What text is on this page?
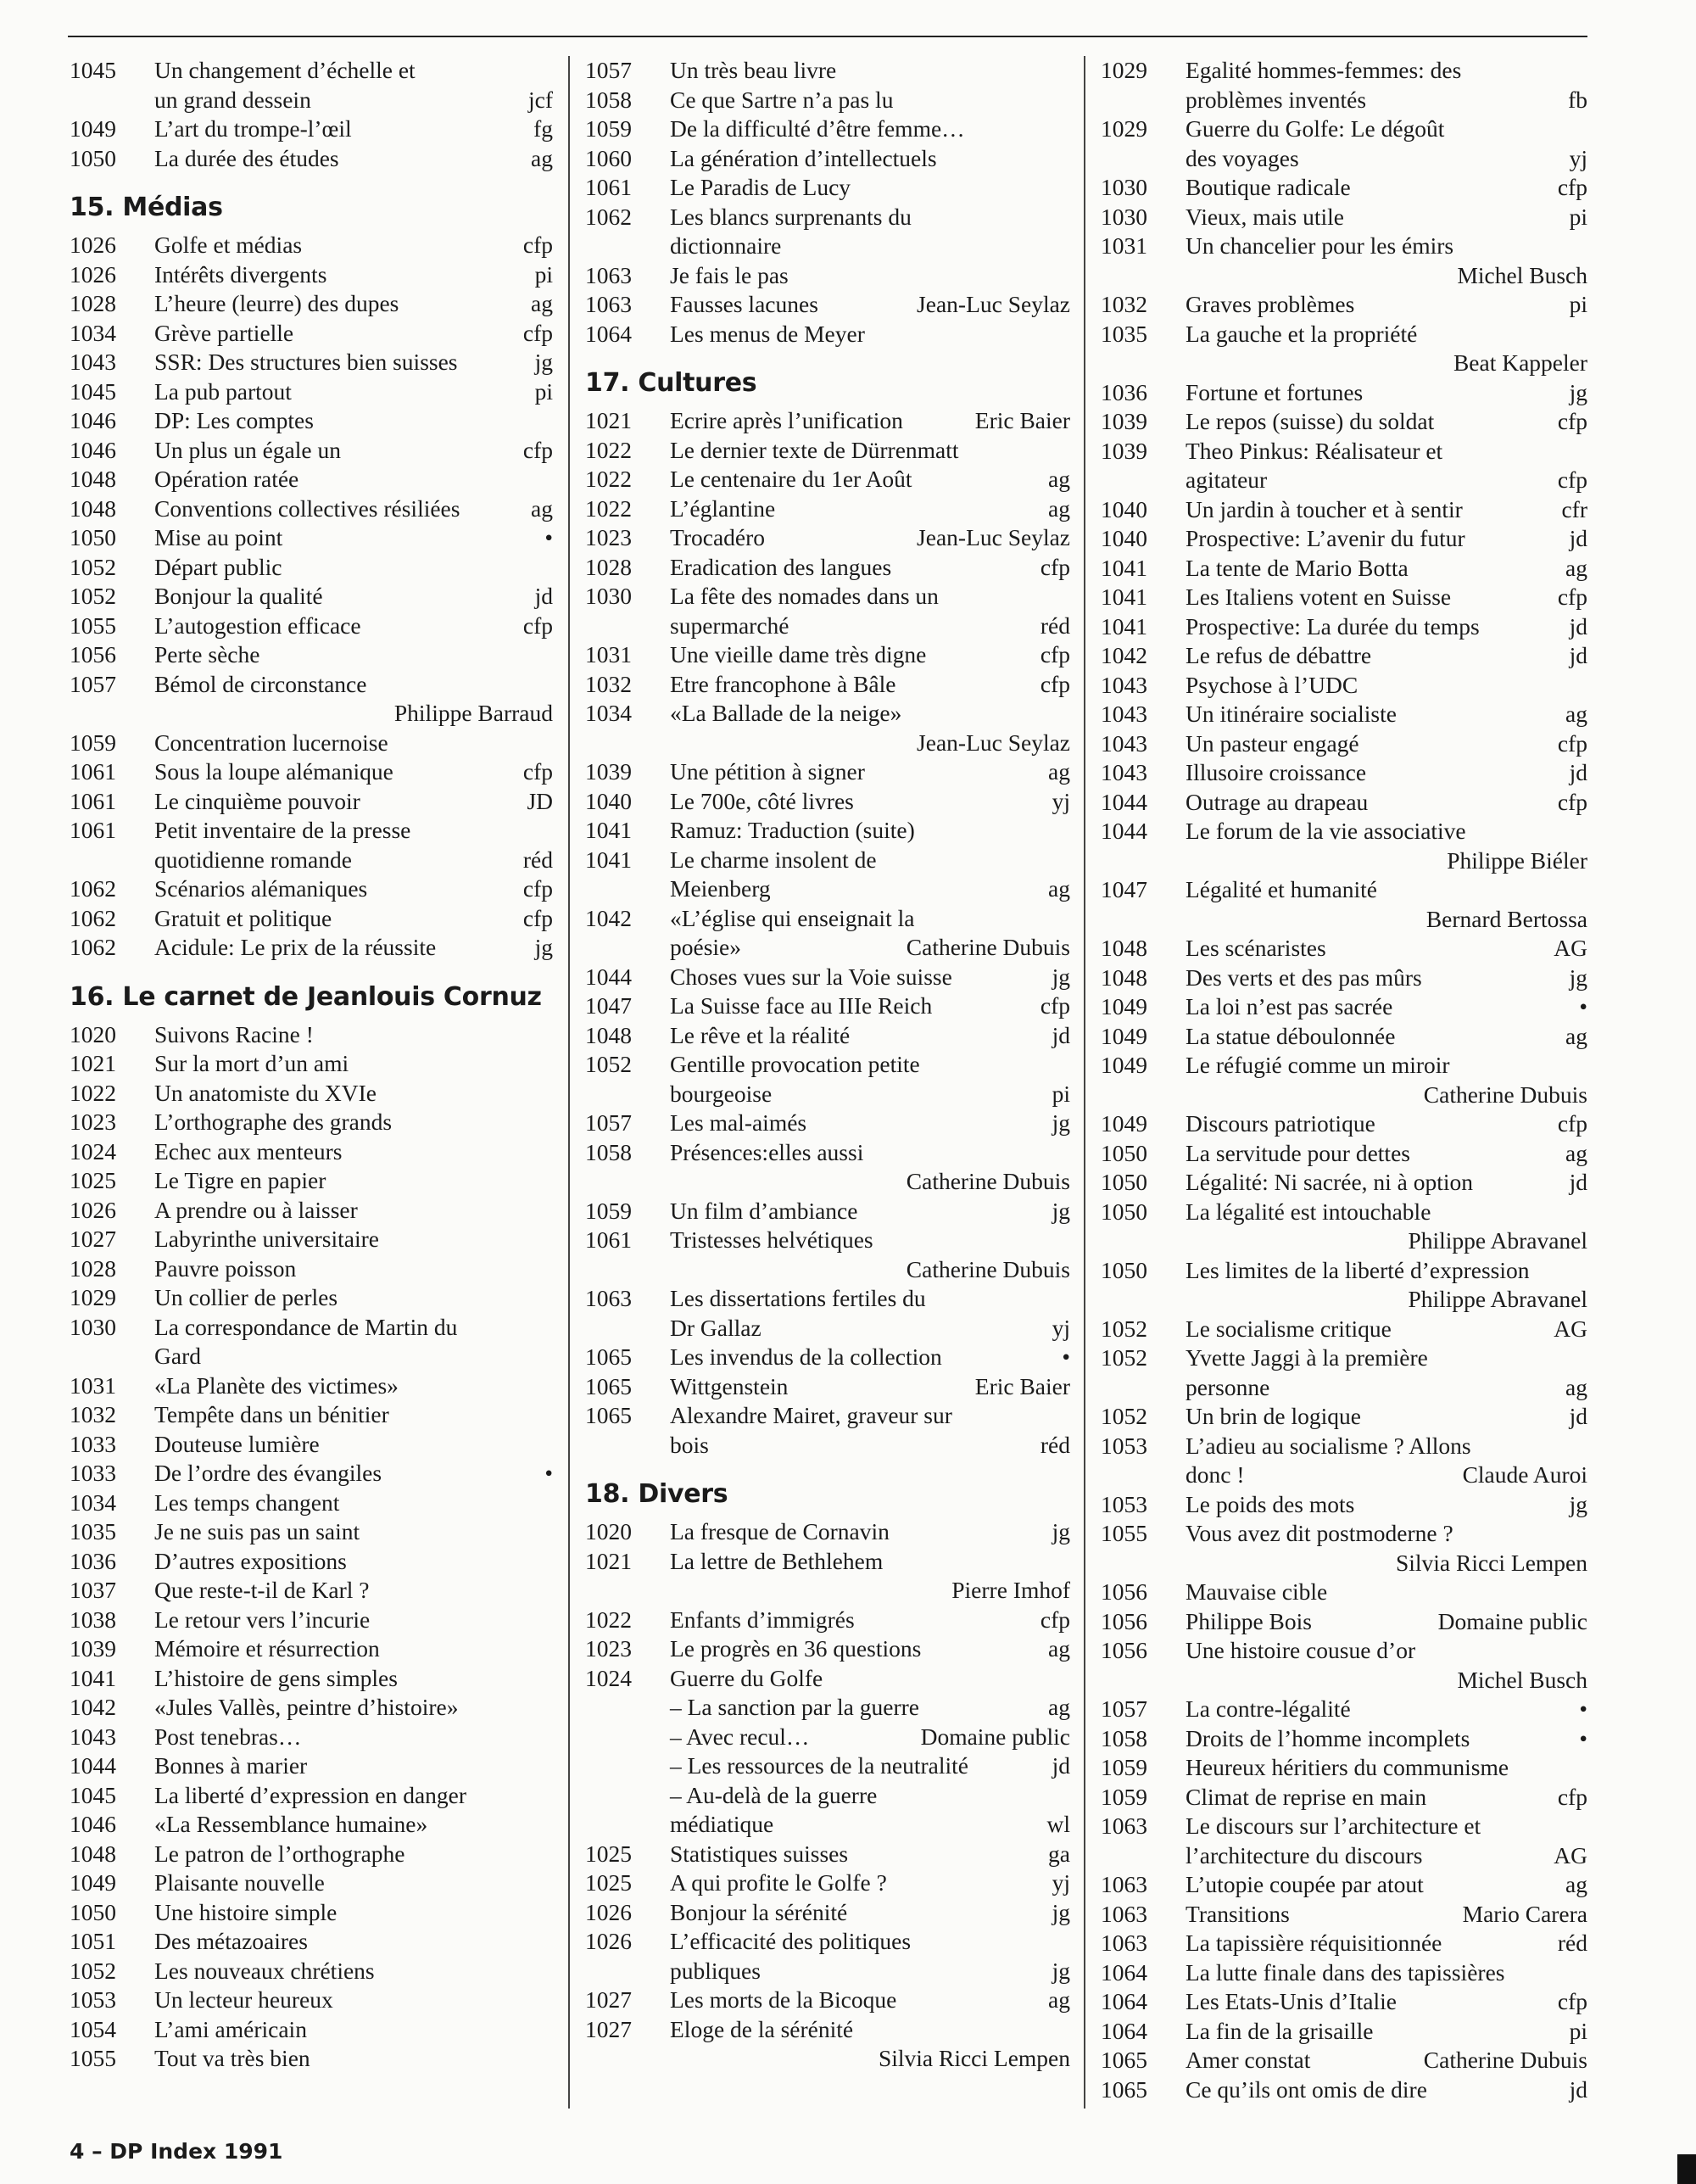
1045	Un changement d’échelle et
un grand dessein	jcf
1049	L’art du trompe-l’œil	fg
1050	La durée des études	ag
15. Médias
1026	Golfe et médias	cfp
1026	Intérêts divergents	pi
1028	L’heure (leurre) des dupes	ag
1034	Grève partielle	cfp
1043	SSR: Des structures bien suisses	jg
1045	La pub partout	pi
1046	DP: Les comptes
1046	Un plus un égale un	cfp
1048	Opération ratée
1048	Conventions collectives résiliées	ag
1050	Mise au point	•
1052	Départ public
1052	Bonjour la qualité	jd
1055	L’autogestion efficace	cfp
1056	Perte sèche
1057	Bémol de circonstance
Philippe Barraud
1059	Concentration lucernoise
1061	Sous la loupe alémanique	cfp
1061	Le cinquième pouvoir	JD
1061	Petit inventaire de la presse
quotidienne romande	réd
1062	Scénarios alémaniques	cfp
1062	Gratuit et politique	cfp
1062	Acidule: Le prix de la réussite	jg
16. Le carnet de Jeanlouis Cornuz
1020	Suivons Racine !
1021	Sur la mort d’un ami
1022	Un anatomiste du XVIe
1023	L’orthographe des grands
1024	Echec aux menteurs
1025	Le Tigre en papier
1026	A prendre ou à laisser
1027	Labyrinthe universitaire
1028	Pauvre poisson
1029	Un collier de perles
1030	La correspondance de Martin du
Gard
1031	«La Planète des victimes»
1032	Tempête dans un bénitier
1033	Douteuse lumière
1033	De l’ordre des évangiles	•
1034	Les temps changent
1035	Je ne suis pas un saint
1036	D’autres expositions
1037	Que reste-t-il de Karl ?
1038	Le retour vers l’incurie
1039	Mémoire et résurrection
1041	L’histoire de gens simples
1042	«Jules Vallès, peintre d’histoire»
1043	Post tenebras…
1044	Bonnes à marier
1045	La liberté d’expression en danger
1046	«La Ressemblance humaine»
1048	Le patron de l’orthographe
1049	Plaisante nouvelle
1050	Une histoire simple
1051	Des métazoaires
1052	Les nouveaux chrétiens
1053	Un lecteur heureux
1054	L’ami américain
1055	Tout va très bien
1057	Un très beau livre
1058	Ce que Sartre n’a pas lu
1059	De la difficulté d’être femme…
1060	La génération d’intellectuels
1061	Le Paradis de Lucy
1062	Les blancs surprenants du
dictionnaire
1063	Je fais le pas
1063	Fausses lacunes	Jean-Luc Seylaz
1064	Les menus de Meyer
17. Cultures
1021	Ecrire après l’unification	Eric Baier
1022	Le dernier texte de Dürrenmatt
1022	Le centenaire du 1er Août	ag
1022	L’églantine	ag
1023	Trocadéro	Jean-Luc Seylaz
1028	Eradication des langues	cfp
1030	La fête des nomades dans un
supermarché	réd
1031	Une vieille dame très digne	cfp
1032	Etre francophone à Bâle	cfp
1034	«La Ballade de la neige»
Jean-Luc Seylaz
1039	Une pétition à signer	ag
1040	Le 700e, côté livres	yj
1041	Ramuz: Traduction (suite)
1041	Le charme insolent de
Meienberg	ag
1042	«L’église qui enseignait la
poésie»	Catherine Dubuis
1044	Choses vues sur la Voie suisse	jg
1047	La Suisse face au IIIe Reich	cfp
1048	Le rêve et la réalité	jd
1052	Gentille provocation petite
bourgeoise	pi
1057	Les mal-aimés	jg
1058	Présences:elles aussi
Catherine Dubuis
1059	Un film d’ambiance	jg
1061	Tristesses helvétiques
Catherine Dubuis
1063	Les dissertations fertiles du
Dr Gallaz	yj
1065	Les invendus de la collection	•
1065	Wittgenstein	Eric Baier
1065	Alexandre Mairet, graveur sur
bois	réd
18. Divers
1020	La fresque de Cornavin	jg
1021	La lettre de Bethlehem
Pierre Imhof
1022	Enfants d’immigrés	cfp
1023	Le progrès en 36 questions	ag
1024	Guerre du Golfe
– La sanction par la guerre	ag
– Avec recul…	Domaine public
– Les ressources de la neutralité	jd
– Au-delà de la guerre
médiatique	wl
1025	Statistiques suisses	ga
1025	A qui profite le Golfe ?	yj
1026	Bonjour la sérénité	jg
1026	L’efficacité des politiques
publiques	jg
1027	Les morts de la Bicoque	ag
1027	Eloge de la sérénité
Silvia Ricci Lempen
1029	Egalité hommes-femmes: des
problèmes inventés	fb
1029	Guerre du Golfe: Le dégoût
des voyages	yj
1030	Boutique radicale	cfp
1030	Vieux, mais utile	pi
1031	Un chancelier pour les émirs
Michel Busch
1032	Graves problèmes	pi
1035	La gauche et la propriété
Beat Kappeler
1036	Fortune et fortunes	jg
1039	Le repos (suisse) du soldat	cfp
1039	Theo Pinkus: Réalisateur et
agitateur	cfp
1040	Un jardin à toucher et à sentir	cfr
1040	Prospective: L’avenir du futur	jd
1041	La tente de Mario Botta	ag
1041	Les Italiens votent en Suisse	cfp
1041	Prospective: La durée du temps	jd
1042	Le refus de débattre	jd
1043	Psychose à l’UDC
1043	Un itinéraire socialiste	ag
1043	Un pasteur engagé	cfp
1043	Illusoire croissance	jd
1044	Outrage au drapeau	cfp
1044	Le forum de la vie associative
Philippe Biéler
1047	Légalité et humanité
Bernard Bertossa
1048	Les scénaristes	AG
1048	Des verts et des pas mûrs	jg
1049	La loi n’est pas sacrée	•
1049	La statue déboulonnée	ag
1049	Le réfugié comme un miroir
Catherine Dubuis
1049	Discours patriotique	cfp
1050	La servitude pour dettes	ag
1050	Légalité: Ni sacrée, ni à option	jd
1050	La légalité est intouchable
Philippe Abravanel
1050	Les limites de la liberté d’expression
Philippe Abravanel
1052	Le socialisme critique	AG
1052	Yvette Jaggi à la première
personne	ag
1052	Un brin de logique	jd
1053	L’adieu au socialisme ? Allons
donc !	Claude Auroi
1053	Le poids des mots	jg
1055	Vous avez dit postmoderne ?
Silvia Ricci Lempen
1056	Mauvaise cible
1056	Philippe Bois	Domaine public
1056	Une histoire cousue d’or
Michel Busch
1057	La contre-légalité	•
1058	Droits de l’homme incomplets	•
1059	Heureux héritiers du communisme
1059	Climat de reprise en main	cfp
1063	Le discours sur l’architecture et
l’architecture du discours	AG
1063	L’utopie coupée par atout	ag
1063	Transitions	Mario Carera
1063	La tapissière réquisitionnée	réd
1064	La lutte finale dans des tapissières
1064	Les Etats-Unis d’Italie	cfp
1064	La fin de la grisaille	pi
1065	Amer constat	Catherine Dubuis
1065	Ce qu’ils ont omis de dire	jd
4 – DP Index 1991
